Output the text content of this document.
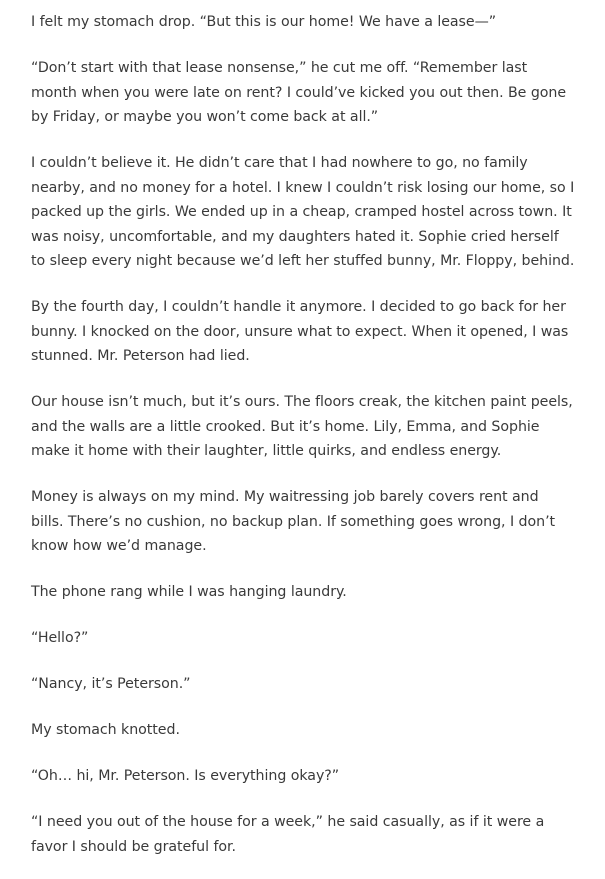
I felt my stomach drop. “But this is our home! We have a lease—”

“Don’t start with that lease nonsense,” he cut me off. “Remember last month when you were late on rent? I could’ve kicked you out then. Be gone by Friday, or maybe you won’t come back at all.”

I couldn’t believe it. He didn’t care that I had nowhere to go, no family nearby, and no money for a hotel. I knew I couldn’t risk losing our home, so I packed up the girls. We ended up in a cheap, cramped hostel across town. It was noisy, uncomfortable, and my daughters hated it. Sophie cried herself to sleep every night because we’d left her stuffed bunny, Mr. Floppy, behind.

By the fourth day, I couldn’t handle it anymore. I decided to go back for her bunny. I knocked on the door, unsure what to expect. When it opened, I was stunned. Mr. Peterson had lied.

Our house isn’t much, but it’s ours. The floors creak, the kitchen paint peels, and the walls are a little crooked. But it’s home. Lily, Emma, and Sophie make it home with their laughter, little quirks, and endless energy.

Money is always on my mind. My waitressing job barely covers rent and bills. There’s no cushion, no backup plan. If something goes wrong, I don’t know how we’d manage.

The phone rang while I was hanging laundry.

“Hello?”

“Nancy, it’s Peterson.”

My stomach knotted.

“Oh… hi, Mr. Peterson. Is everything okay?”

“I need you out of the house for a week,” he said casually, as if it were a favor I should be grateful for.
